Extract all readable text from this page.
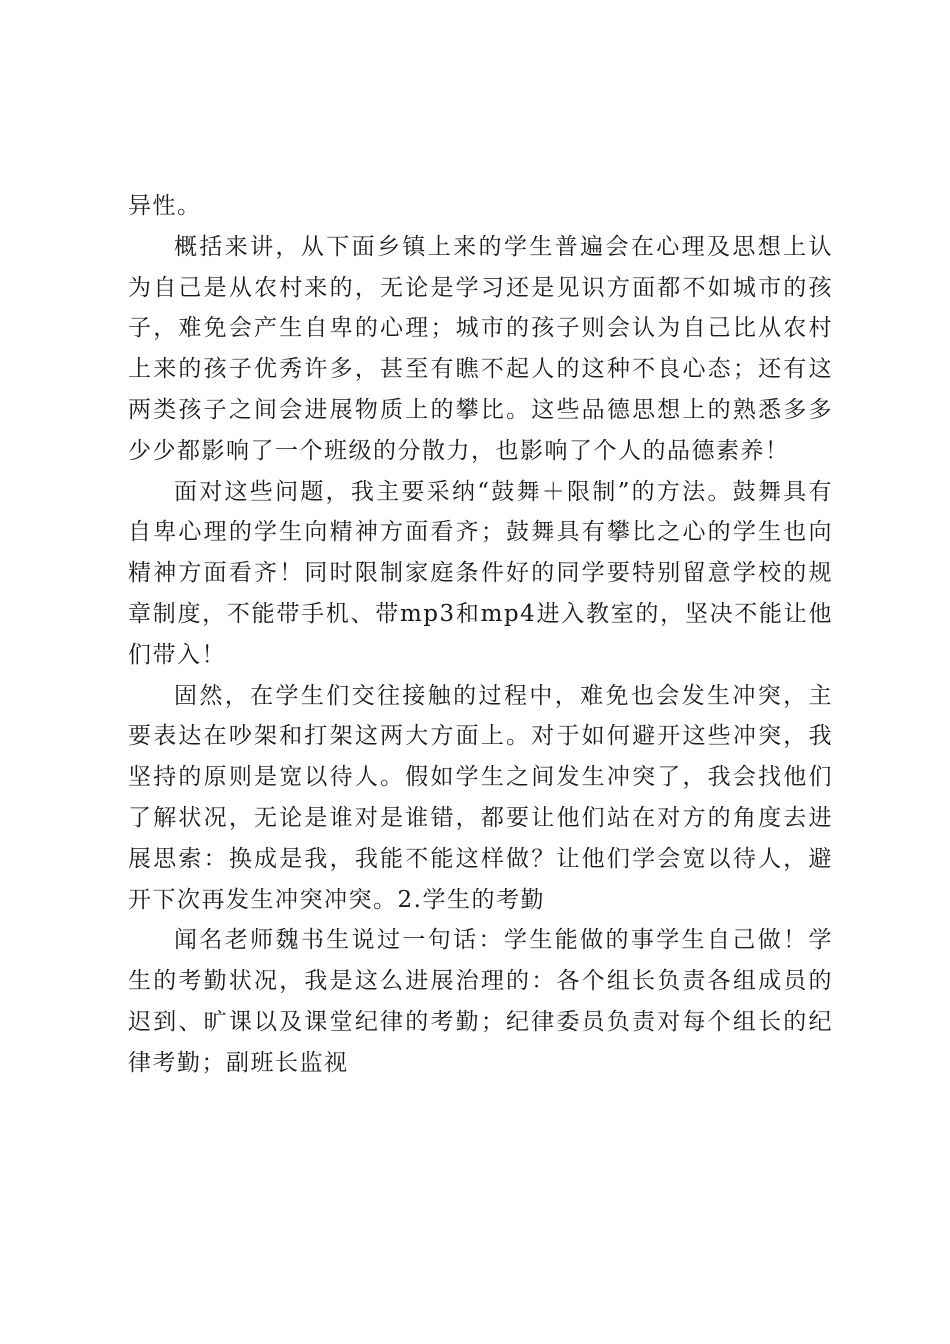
异性。

概括来讲，从下面乡镇上来的学生普遍会在心理及思想上认为自己是从农村来的，无论是学习还是见识方面都不如城市的孩子，难免会产生自卑的心理；城市的孩子则会认为自己比从农村上来的孩子优秀许多，甚至有瞧不起人的这种不良心态；还有这两类孩子之间会进展物质上的攀比。这些品德思想上的熟悉多多少少都影响了一个班级的分散力，也影响了个人的品德素养！

面对这些问题，我主要采纳“鼓舞＋限制”的方法。鼓舞具有自卑心理的学生向精神方面看齐；鼓舞具有攀比之心的学生也向精神方面看齐！同时限制家庭条件好的同学要特别留意学校的规章制度，不能带手机、带mp3和mp4进入教室的，坚决不能让他们带入！

固然，在学生们交往接触的过程中，难免也会发生冲突，主要表达在吵架和打架这两大方面上。对于如何避开这些冲突，我坚持的原则是宽以待人。假如学生之间发生冲突了，我会找他们了解状况，无论是谁对是谁错，都要让他们站在对方的角度去进展思索：换成是我，我能不能这样做？让他们学会宽以待人，避开下次再发生冲突冲突。2.学生的考勤

闻名老师魏书生说过一句话：学生能做的事学生自己做！学生的考勤状况，我是这么进展治理的：各个组长负责各组成员的迟到、旷课以及课堂纪律的考勤；纪律委员负责对每个组长的纪律考勤；副班长监视
